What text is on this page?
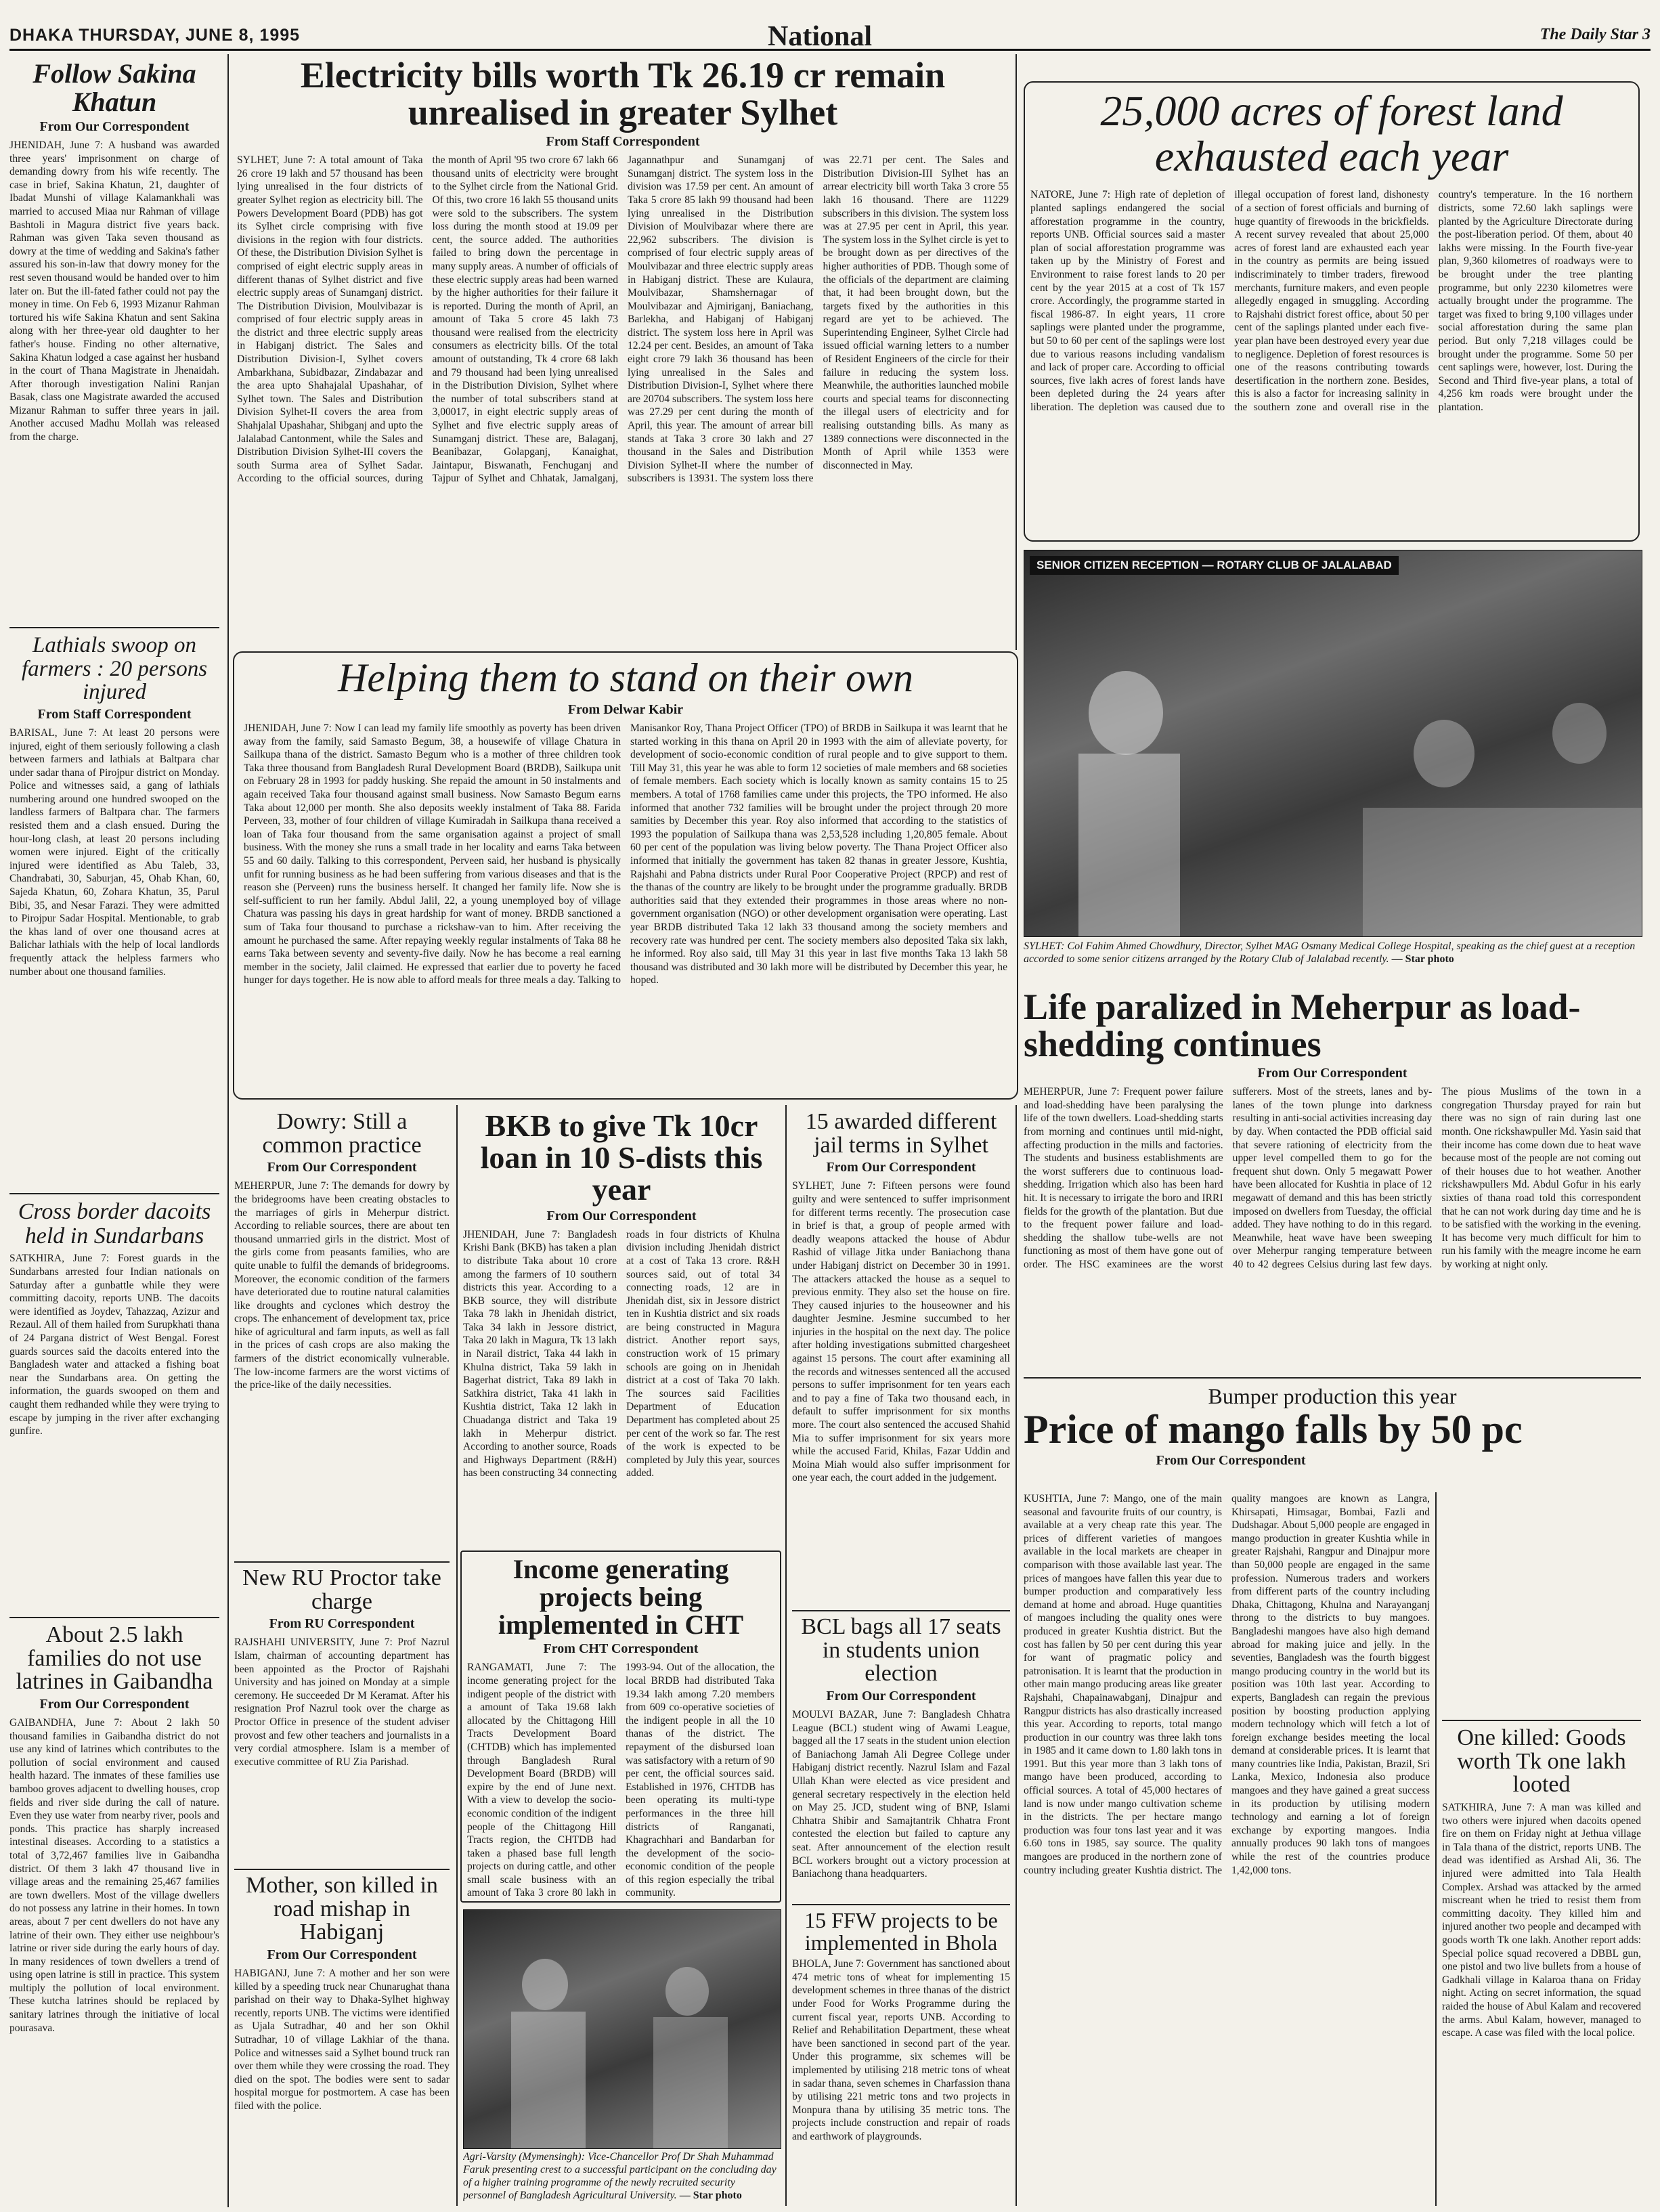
DHAKA THURSDAY, JUNE 8, 1995	National	The Daily Star 3
Follow Sakina Khatun
From Our Correspondent
JHENIDAH, June 7: A husband was awarded three years' imprisonment on charge of demanding dowry from his wife recently. The case in brief, Sakina Khatun, 21, daughter of Ibadat Munshi of village Kalamankhali was married to accused Miaa nur Rahman of village Bashtoli in Magura district five years back. Rahman was given Taka seven thousand as dowry at the time of wedding and Sakina's father assured his son-in-law that dowry money for the rest seven thousand would be handed over to him later on. But the ill-fated father could not pay the money in time. On Feb 6, 1993 Mizanur Rahman tortured his wife Sakina Khatun and sent Sakina along with her three-year old daughter to her father's house. Finding no other alternative, Sakina Khatun lodged a case against her husband in the court of Thana Magistrate in Jhenaidah. After thorough investigation Nalini Ranjan Basak, class one Magistrate awarded the accused Mizanur Rahman to suffer three years in jail. Another accused Madhu Mollah was released from the charge.
Lathials swoop on farmers : 20 persons injured
From Staff Correspondent
BARISAL, June 7: At least 20 persons were injured, eight of them seriously following a clash between farmers and lathials at Baltpara char under sadar thana of Pirojpur district on Monday. Police and witnesses said, a gang of lathials numbering around one hundred swooped on the landless farmers of Baltpara char. The farmers resisted them and a clash ensued. During the hour-long clash, at least 20 persons including women were injured. Eight of the critically injured were identified as Abu Taleb, 33, Chandrabati, 30, Saburjan, 45, Ohab Khan, 60, Sajeda Khatun, 60, Zohara Khatun, 35, Parul Bibi, 35, and Nesar Farazi. They were admitted to Pirojpur Sadar Hospital. Mentionable, to grab the khas land of over one thousand acres at Balichar lathials with the help of local landlords frequently attack the helpless farmers who number about one thousand families.
Cross border dacoits held in Sundarbans
SATKHIRA, June 7: Forest guards in the Sundarbans arrested four Indian nationals on Saturday after a gunbattle while they were committing dacoity, reports UNB. The dacoits were identified as Joydev, Tahazzaq, Azizur and Rezaul. All of them hailed from Surupkhati thana of 24 Pargana district of West Bengal. Forest guards sources said the dacoits entered into the Bangladesh water and attacked a fishing boat near the Sundarbans area. On getting the information, the guards swooped on them and caught them redhanded while they were trying to escape by jumping in the river after exchanging gunfire.
About 2.5 lakh families do not use latrines in Gaibandha
From Our Correspondent
GAIBANDHA, June 7: About 2 lakh 50 thousand families in Gaibandha district do not use any kind of latrines which contributes to the pollution of social environment and caused health hazard. The inmates of these families use bamboo groves adjacent to dwelling houses, crop fields and river side during the call of nature. Even they use water from nearby river, pools and ponds. This practice has sharply increased intestinal diseases. According to a statistics a total of 3,72,467 families live in Gaibandha district. Of them 3 lakh 47 thousand live in village areas and the remaining 25,467 families are town dwellers. Most of the village dwellers do not possess any latrine in their homes. In town areas, about 7 per cent dwellers do not have any latrine of their own. They either use neighbour's latrine or river side during the early hours of day. In many residences of town dwellers a trend of using open latrine is still in practice. This system multiply the pollution of local environment. These kutcha latrines should be replaced by sanitary latrines through the initiative of local pourasava.
Electricity bills worth Tk 26.19 cr remain unrealised in greater Sylhet
From Staff Correspondent
SYLHET, June 7: A total amount of Taka 26 crore 19 lakh and 57 thousand has been lying unrealised in the four districts of greater Sylhet region as electricity bill. The Powers Development Board (PDB) has got its Sylhet circle comprising with five divisions in the region with four districts. Of these, the Distribution Division Sylhet is comprised of eight electric supply areas in different thanas of Sylhet district and five electric supply areas of Sunamganj district. The Distribution Division, Moulvibazar is comprised of four electric supply areas in the district and three electric supply areas in Habiganj district. The Sales and Distribution Division-I, Sylhet covers Ambarkhana, Subidbazar, Zindabazar and the area upto Shahajalal Upashahar, of Sylhet town. The Sales and Distribution Division Sylhet-II covers the area from Shahjalal Upashahar, Shibganj and upto the Jalalabad Cantonment, while the Sales and Distribution Division Sylhet-III covers the south Surma area of Sylhet Sadar. According to the official sources, during the month of April '95 two crore 67 lakh 66 thousand units of electricity were brought to the Sylhet circle from the National Grid. Of this, two crore 16 lakh 55 thousand units were sold to the subscribers. The system loss during the month stood at 19.09 per cent, the source added. The authorities failed to bring down the percentage in many supply areas. A number of officials of these electric supply areas had been warned by the higher authorities for their failure it is reported. During the month of April, an amount of Taka 5 crore 45 lakh 73 thousand were realised from the electricity consumers as electricity bills. Of the total amount of outstanding, Tk 4 crore 68 lakh and 79 thousand had been lying unrealised in the Distribution Division, Sylhet where the number of total subscribers stand at 3,00017, in eight electric supply areas of Sylhet and five electric supply areas of Sunamganj district. These are, Balaganj, Beanibazar, Golapganj, Kanaighat, Jaintapur, Biswanath, Fenchuganj and Tajpur of Sylhet and Chhatak, Jamalganj, Jagannathpur and Sunamganj of Sunamganj district. The system loss in the division was 17.59 per cent. An amount of Taka 5 crore 85 lakh 99 thousand had been lying unrealised in the Distribution Division of Moulvibazar where there are 22,962 subscribers. The division is comprised of four electric supply areas of Moulvibazar and three electric supply areas in Habiganj district. These are Kulaura, Moulvibazar, Shamshernagar of Moulvibazar and Ajmiriganj, Baniachang, Barlekha, and Habiganj of Habiganj district. The system loss here in April was 12.24 per cent. Besides, an amount of Taka eight crore 79 lakh 36 thousand has been lying unrealised in the Sales and Distribution Division-I, Sylhet where there are 20704 subscribers. The system loss here was 27.29 per cent during the month of April, this year. The amount of arrear bill stands at Taka 3 crore 30 lakh and 27 thousand in the Sales and Distribution Division Sylhet-II where the number of subscribers is 13931. The system loss there was 22.71 per cent. The Sales and Distribution Division-III Sylhet has an arrear electricity bill worth Taka 3 crore 55 lakh 16 thousand. There are 11229 subscribers in this division. The system loss was at 27.95 per cent in April, this year. The system loss in the Sylhet circle is yet to be brought down as per directives of the higher authorities of PDB. Though some of the officials of the department are claiming that, it had been brought down, but the targets fixed by the authorities in this regard are yet to be achieved. The Superintending Engineer, Sylhet Circle had issued official warning letters to a number of Resident Engineers of the circle for their failure in reducing the system loss. Meanwhile, the authorities launched mobile courts and special teams for disconnecting the illegal users of electricity and for realising outstanding bills. As many as 1389 connections were disconnected in the Month of April while 1353 were disconnected in May.
25,000 acres of forest land exhausted each year
NATORE, June 7: High rate of depletion of planted saplings endangered the social afforestation programme in the country, reports UNB. Official sources said a master plan of social afforestation programme was taken up by the Ministry of Forest and Environment to raise forest lands to 20 per cent by the year 2015 at a cost of Tk 157 crore. Accordingly, the programme started in fiscal 1986-87. In eight years, 11 crore saplings were planted under the programme, but 50 to 60 per cent of the saplings were lost due to various reasons including vandalism and lack of proper care. According to official sources, five lakh acres of forest lands have been depleted during the 24 years after liberation. The depletion was caused due to illegal occupation of forest land, dishonesty of a section of forest officials and burning of huge quantity of firewoods in the brickfields. A recent survey revealed that about 25,000 acres of forest land are exhausted each year in the country as permits are being issued indiscriminately to timber traders, firewood merchants, furniture makers, and even people allegedly engaged in smuggling. According to Rajshahi district forest office, about 50 per cent of the saplings planted under each five-year plan have been destroyed every year due to negligence. Depletion of forest resources is one of the reasons contributing towards desertification in the northern zone. Besides, this is also a factor for increasing salinity in the southern zone and overall rise in the country's temperature. In the 16 northern districts, some 72.60 lakh saplings were planted by the Agriculture Directorate during the post-liberation period. Of them, about 40 lakhs were missing. In the Fourth five-year plan, 9,360 kilometres of roadways were to be brought under the tree planting programme, but only 2230 kilometres were actually brought under the programme. The target was fixed to bring 9,100 villages under social afforestation during the same plan period. But only 7,218 villages could be brought under the programme. Some 50 per cent saplings were, however, lost. During the Second and Third five-year plans, a total of 4,256 km roads were brought under the plantation.
SENIOR CITIZEN RECEPTION — ROTARY CLUB OF JALALABAD
SYLHET: Col Fahim Ahmed Chowdhury, Director, Sylhet MAG Osmany Medical College Hospital, speaking as the chief guest at a reception accorded to some senior citizens arranged by the Rotary Club of Jalalabad recently. — Star photo
Helping them to stand on their own
From Delwar Kabir
JHENIDAH, June 7: Now I can lead my family life smoothly as poverty has been driven away from the family, said Samasto Begum, 38, a housewife of village Chatura in Sailkupa thana of the district. Samasto Begum who is a mother of three children took Taka three thousand from Bangladesh Rural Development Board (BRDB), Sailkupa unit on February 28 in 1993 for paddy husking. She repaid the amount in 50 instalments and again received Taka four thousand against small business. Now Samasto Begum earns Taka about 12,000 per month. She also deposits weekly instalment of Taka 88. Farida Perveen, 33, mother of four children of village Kumiradah in Sailkupa thana received a loan of Taka four thousand from the same organisation against a project of small business. With the money she runs a small trade in her locality and earns Taka between 55 and 60 daily. Talking to this correspondent, Perveen said, her husband is physically unfit for running business as he had been suffering from various diseases and that is the reason she (Perveen) runs the business herself. It changed her family life. Now she is self-sufficient to run her family. Abdul Jalil, 22, a young unemployed boy of village Chatura was passing his days in great hardship for want of money. BRDB sanctioned a sum of Taka four thousand to purchase a rickshaw-van to him. After receiving the amount he purchased the same. After repaying weekly regular instalments of Taka 88 he earns Taka between seventy and seventy-five daily. Now he has become a real earning member in the society, Jalil claimed. He expressed that earlier due to poverty he faced hunger for days together. He is now able to afford meals for three meals a day. Talking to Manisankor Roy, Thana Project Officer (TPO) of BRDB in Sailkupa it was learnt that he started working in this thana on April 20 in 1993 with the aim of alleviate poverty, for development of socio-economic condition of rural people and to give support to them. Till May 31, this year he was able to form 12 societies of male members and 68 societies of female members. Each society which is locally known as samity contains 15 to 25 members. A total of 1768 families came under this projects, the TPO informed. He also informed that another 732 families will be brought under the project through 20 more samities by December this year. Roy also informed that according to the statistics of 1993 the population of Sailkupa thana was 2,53,528 including 1,20,805 female. About 60 per cent of the population was living below poverty. The Thana Project Officer also informed that initially the government has taken 82 thanas in greater Jessore, Kushtia, Rajshahi and Pabna districts under Rural Poor Cooperative Project (RPCP) and rest of the thanas of the country are likely to be brought under the programme gradually. BRDB authorities said that they extended their programmes in those areas where no non-government organisation (NGO) or other development organisation were operating. Last year BRDB distributed Taka 12 lakh 33 thousand among the society members and recovery rate was hundred per cent. The society members also deposited Taka six lakh, he informed. Roy also said, till May 31 this year in last five months Taka 13 lakh 58 thousand was distributed and 30 lakh more will be distributed by December this year, he hoped.
Life paralized in Meherpur as load-shedding continues
From Our Correspondent
MEHERPUR, June 7: Frequent power failure and load-shedding have been paralysing the life of the town dwellers. Load-shedding starts from morning and continues until mid-night, affecting production in the mills and factories. The students and business establishments are the worst sufferers due to continuous load-shedding. Irrigation which also has been hard hit. It is necessary to irrigate the boro and IRRI fields for the growth of the plantation. But due to the frequent power failure and load-shedding the shallow tube-wells are not functioning as most of them have gone out of order. The HSC examinees are the worst sufferers. Most of the streets, lanes and by-lanes of the town plunge into darkness resulting in anti-social activities increasing day by day. When contacted the PDB official said that severe rationing of electricity from the upper level compelled them to go for the frequent shut down. Only 5 megawatt Power have been allocated for Kushtia in place of 12 megawatt of demand and this has been strictly imposed on dwellers from Tuesday, the official added. They have nothing to do in this regard. Meanwhile, heat wave have been sweeping over Meherpur ranging temperature between 40 to 42 degrees Celsius during last few days. The pious Muslims of the town in a congregation Thursday prayed for rain but there was no sign of rain during last one month. One rickshawpuller Md. Yasin said that their income has come down due to heat wave because most of the people are not coming out of their houses due to hot weather. Another rickshawpullers Md. Abdul Gofur in his early sixties of thana road told this correspondent that he can not work during day time and he is to be satisfied with the working in the evening. It has become very much difficult for him to run his family with the meagre income he earn by working at night only.
Bumper production this year
Price of mango falls by 50 pc
From Our Correspondent
KUSHTIA, June 7: Mango, one of the main seasonal and favourite fruits of our country, is available at a very cheap rate this year. The prices of different varieties of mangoes available in the local markets are cheaper in comparison with those available last year. The prices of mangoes have fallen this year due to bumper production and comparatively less demand at home and abroad. Huge quantities of mangoes including the quality ones were produced in greater Kushtia district. But the cost has fallen by 50 per cent during this year for want of pragmatic policy and patronisation. It is learnt that the production in other main mango producing areas like greater Rajshahi, Chapainawabganj, Dinajpur and Rangpur districts has also drastically increased this year. According to reports, total mango production in our country was three lakh tons in 1985 and it came down to 1.80 lakh tons in 1991. But this year more than 3 lakh tons of mango have been produced, according to official sources. A total of 45,000 hectares of land is now under mango cultivation scheme in the districts. The per hectare mango production was four tons last year and it was 6.60 tons in 1985, say source. The quality mangoes are produced in the northern zone of country including greater Kushtia district. The quality mangoes are known as Langra, Khirsapati, Himsagar, Bombai, Fazli and Dudshagar. About 5,000 people are engaged in mango production in greater Kushtia while in greater Rajshahi, Rangpur and Dinajpur more than 50,000 people are engaged in the same profession. Numerous traders and workers from different parts of the country including Dhaka, Chittagong, Khulna and Narayanganj throng to the districts to buy mangoes. Bangladeshi mangoes have also high demand abroad for making juice and jelly. In the seventies, Bangladesh was the fourth biggest mango producing country in the world but its position was 10th last year. According to experts, Bangladesh can regain the previous position by boosting production applying modern technology which will fetch a lot of foreign exchange besides meeting the local demand at considerable prices. It is learnt that many countries like India, Pakistan, Brazil, Sri Lanka, Mexico, Indonesia also produce mangoes and they have gained a great success in its production by utilising modern technology and earning a lot of foreign exchange by exporting mangoes. India annually produces 90 lakh tons of mangoes while the rest of the countries produce 1,42,000 tons.
One killed: Goods worth Tk one lakh looted
SATKHIRA, June 7: A man was killed and two others were injured when dacoits opened fire on them on Friday night at Jethua village in Tala thana of the district, reports UNB. The dead was identified as Arshad Ali, 36. The injured were admitted into Tala Health Complex. Arshad was attacked by the armed miscreant when he tried to resist them from committing dacoity. They killed him and injured another two people and decamped with goods worth Tk one lakh. Another report adds: Special police squad recovered a DBBL gun, one pistol and two live bullets from a house of Gadkhali village in Kalaroa thana on Friday night. Acting on secret information, the squad raided the house of Abul Kalam and recovered the arms. Abul Kalam, however, managed to escape. A case was filed with the local police.
Dowry: Still a common practice
From Our Correspondent
MEHERPUR, June 7: The demands for dowry by the bridegrooms have been creating obstacles to the marriages of girls in Meherpur district. According to reliable sources, there are about ten thousand unmarried girls in the district. Most of the girls come from peasants families, who are quite unable to fulfil the demands of bridegrooms. Moreover, the economic condition of the farmers have deteriorated due to routine natural calamities like droughts and cyclones which destroy the crops. The enhancement of development tax, price hike of agricultural and farm inputs, as well as fall in the prices of cash crops are also making the farmers of the district economically vulnerable. The low-income farmers are the worst victims of the price-like of the daily necessities.
New RU Proctor take charge
From RU Correspondent
RAJSHAHI UNIVERSITY, June 7: Prof Nazrul Islam, chairman of accounting department has been appointed as the Proctor of Rajshahi University and has joined on Monday at a simple ceremony. He succeeded Dr M Keramat. After his resignation Prof Nazrul took over the charge as Proctor Office in presence of the student adviser provost and few other teachers and journalists in a very cordial atmosphere. Islam is a member of executive committee of RU Zia Parishad.
Mother, son killed in road mishap in Habiganj
From Our Correspondent
HABIGANJ, June 7: A mother and her son were killed by a speeding truck near Chunarughat thana parishad on their way to Dhaka-Sylhet highway recently, reports UNB. The victims were identified as Ujala Sutradhar, 40 and her son Okhil Sutradhar, 10 of village Lakhiar of the thana. Police and witnesses said a Sylhet bound truck ran over them while they were crossing the road. They died on the spot. The bodies were sent to sadar hospital morgue for postmortem. A case has been filed with the police.
BKB to give Tk 10cr loan in 10 S-dists this year
From Our Correspondent
JHENIDAH, June 7: Bangladesh Krishi Bank (BKB) has taken a plan to distribute Taka about 10 crore among the farmers of 10 southern districts this year. According to a BKB source, they will distribute Taka 78 lakh in Jhenidah district, Taka 34 lakh in Jessore district, Taka 20 lakh in Magura, Tk 13 lakh in Narail district, Taka 44 lakh in Khulna district, Taka 59 lakh in Bagerhat district, Taka 89 lakh in Satkhira district, Taka 41 lakh in Kushtia district, Taka 12 lakh in Chuadanga district and Taka 19 lakh in Meherpur district. According to another source, Roads and Highways Department (R&H) has been constructing 34 connecting roads in four districts of Khulna division including Jhenidah district at a cost of Taka 13 crore. R&H sources said, out of total 34 connecting roads, 12 are in Jhenidah dist, six in Jessore district ten in Kushtia district and six roads are being constructed in Magura district. Another report says, construction work of 15 primary schools are going on in Jhenidah district at a cost of Taka 70 lakh. The sources said Facilities Department of Education Department has completed about 25 per cent of the work so far. The rest of the work is expected to be completed by July this year, sources added.
Income generating projects being implemented in CHT
From CHT Correspondent
RANGAMATI, June 7: The income generating project for the indigent people of the district with a amount of Taka 19.68 lakh allocated by the Chittagong Hill Tracts Development Board (CHTDB) which has implemented through Bangladesh Rural Development Board (BRDB) will expire by the end of June next. With a view to develop the socio-economic condition of the indigent people of the Chittagong Hill Tracts region, the CHTDB had taken a phased base full length projects on during cattle, and other small scale business with an amount of Taka 3 crore 80 lakh in 1993-94. Out of the allocation, the local BRDB had distributed Taka 19.34 lakh among 7.20 members from 609 co-operative societies of the indigent people in all the 10 thanas of the district. The repayment of the disbursed loan was satisfactory with a return of 90 per cent, the official sources said. Established in 1976, CHTDB has been operating its multi-type performances in the three hill districts of Ranganati, Khagrachhari and Bandarban for the development of the socio-economic condition of the people of this region especially the tribal community.
Agri-Varsity (Mymensingh): Vice-Chancellor Prof Dr Shah Muhammad Faruk presenting crest to a successful participant on the concluding day of a higher training programme of the newly recruited security personnel of Bangladesh Agricultural University. — Star photo
15 awarded different jail terms in Sylhet
From Our Correspondent
SYLHET, June 7: Fifteen persons were found guilty and were sentenced to suffer imprisonment for different terms recently. The prosecution case in brief is that, a group of people armed with deadly weapons attacked the house of Abdur Rashid of village Jitka under Baniachong thana under Habiganj district on December 30 in 1991. The attackers attacked the house as a sequel to previous enmity. They also set the house on fire. They caused injuries to the houseowner and his daughter Jesmine. Jesmine succumbed to her injuries in the hospital on the next day. The police after holding investigations submitted chargesheet against 15 persons. The court after examining all the records and witnesses sentenced all the accused persons to suffer imprisonment for ten years each and to pay a fine of Taka two thousand each, in default to suffer imprisonment for six months more. The court also sentenced the accused Shahid Mia to suffer imprisonment for six years more while the accused Farid, Khilas, Fazar Uddin and Moina Miah would also suffer imprisonment for one year each, the court added in the judgement.
BCL bags all 17 seats in students union election
From Our Correspondent
MOULVI BAZAR, June 7: Bangladesh Chhatra League (BCL) student wing of Awami League, bagged all the 17 seats in the student union election of Baniachong Jamah Ali Degree College under Habiganj district recently. Nazrul Islam and Fazal Ullah Khan were elected as vice president and general secretary respectively in the election held on May 25. JCD, student wing of BNP, Islami Chhatra Shibir and Samajtantrik Chhatra Front contested the election but failed to capture any seat. After announcement of the election result BCL workers brought out a victory procession at Baniachong thana headquarters.
15 FFW projects to be implemented in Bhola
BHOLA, June 7: Government has sanctioned about 474 metric tons of wheat for implementing 15 development schemes in three thanas of the district under Food for Works Programme during the current fiscal year, reports UNB. According to Relief and Rehabilitation Department, these wheat have been sanctioned in second part of the year. Under this programme, six schemes will be implemented by utilising 218 metric tons of wheat in sadar thana, seven schemes in Charfassion thana by utilising 221 metric tons and two projects in Monpura thana by utilising 35 metric tons. The projects include construction and repair of roads and earthwork of playgrounds.
